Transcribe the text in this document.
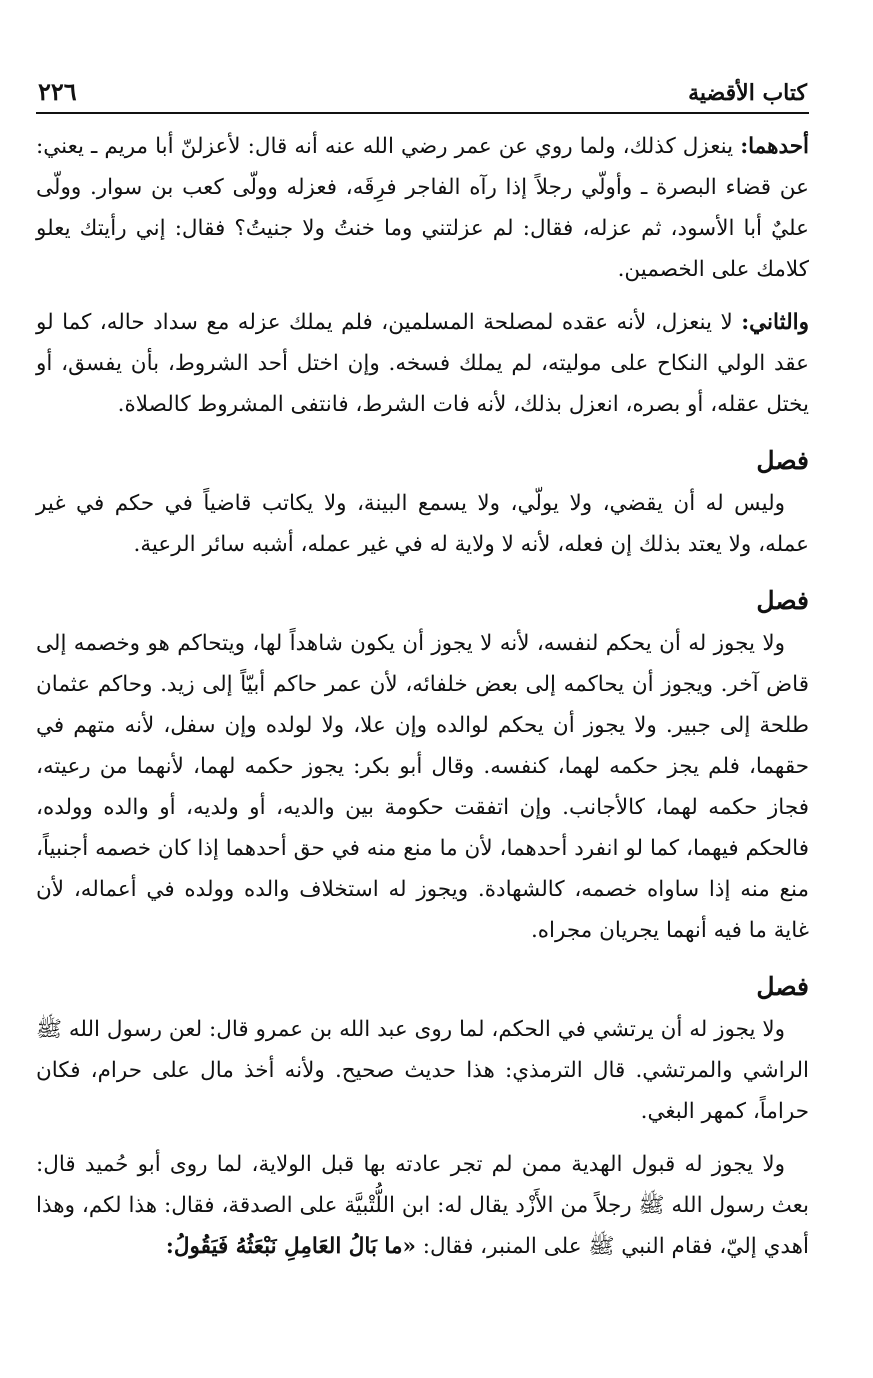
كتاب الأقضية
٢٢٦

أحدهما: ينعزل كذلك، ولما روي عن عمر رضي الله عنه أنه قال: لأعزلنّ أبا مريم ـ يعني: عن قضاء البصرة ـ وأولّي رجلاً إذا رآه الفاجر فرِقَه، فعزله وولّى كعب بن سوار. وولّى عليٌ أبا الأسود، ثم عزله، فقال: لم عزلتني وما خنتُ ولا جنيتُ؟ فقال: إني رأيتك يعلو كلامك على الخصمين.

والثاني: لا ينعزل، لأنه عقده لمصلحة المسلمين، فلم يملك عزله مع سداد حاله، كما لو عقد الولي النكاح على موليته، لم يملك فسخه. وإن اختل أحد الشروط، بأن يفسق، أو يختل عقله، أو بصره، انعزل بذلك، لأنه فات الشرط، فانتفى المشروط كالصلاة.

فصل

وليس له أن يقضي، ولا يولّي، ولا يسمع البينة، ولا يكاتب قاضياً في حكم في غير عمله، ولا يعتد بذلك إن فعله، لأنه لا ولاية له في غير عمله، أشبه سائر الرعية.

فصل

ولا يجوز له أن يحكم لنفسه، لأنه لا يجوز أن يكون شاهداً لها، ويتحاكم هو وخصمه إلى قاض آخر. ويجوز أن يحاكمه إلى بعض خلفائه، لأن عمر حاكم أبيّاً إلى زيد. وحاكم عثمان طلحة إلى جبير. ولا يجوز أن يحكم لوالده وإن علا، ولا لولده وإن سفل، لأنه متهم في حقهما، فلم يجز حكمه لهما، كنفسه. وقال أبو بكر: يجوز حكمه لهما، لأنهما من رعيته، فجاز حكمه لهما، كالأجانب. وإن اتفقت حكومة بين والديه، أو ولديه، أو والده وولده، فالحكم فيهما، كما لو انفرد أحدهما، لأن ما منع منه في حق أحدهما إذا كان خصمه أجنبياً، منع منه إذا ساواه خصمه، كالشهادة. ويجوز له استخلاف والده وولده في أعماله، لأن غاية ما فيه أنهما يجريان مجراه.

فصل

ولا يجوز له أن يرتشي في الحكم، لما روى عبد الله بن عمرو قال: لعن رسول الله ﷺ الراشي والمرتشي. قال الترمذي: هذا حديث صحيح. ولأنه أخذ مال على حرام، فكان حراماً، كمهر البغي.

ولا يجوز له قبول الهدية ممن لم تجر عادته بها قبل الولاية، لما روى أبو حُميد قال: بعث رسول الله ﷺ رجلاً من الأَزْد يقال له: ابن اللُّتْبيَّة على الصدقة، فقال: هذا لكم، وهذا أهدي إليّ، فقام النبي ﷺ على المنبر، فقال: «ما بَالُ العَامِلِ نَبْعَثُهُ فَيَقُولُ:
